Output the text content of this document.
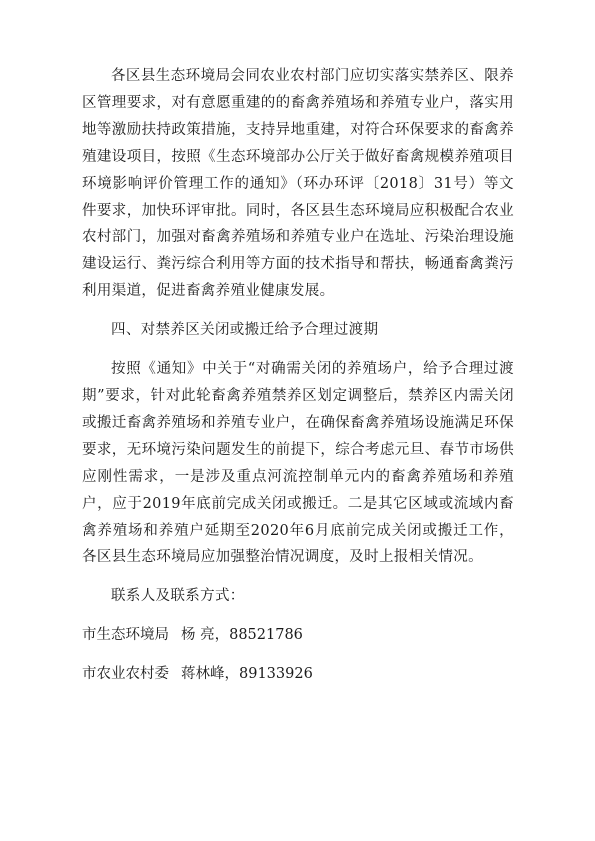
各区县生态环境局会同农业农村部门应切实落实禁养区、限养区管理要求，对有意愿重建的的畜禽养殖场和养殖专业户，落实用地等激励扶持政策措施，支持异地重建，对符合环保要求的畜禽养殖建设项目，按照《生态环境部办公厅关于做好畜禽规模养殖项目环境影响评价管理工作的通知》（环办环评〔2018〕31号）等文件要求，加快环评审批。同时，各区县生态环境局应积极配合农业农村部门，加强对畜禽养殖场和养殖专业户在选址、污染治理设施建设运行、粪污综合利用等方面的技术指导和帮扶，畅通畜禽粪污利用渠道，促进畜禽养殖业健康发展。

四、对禁养区关闭或搬迁给予合理过渡期

按照《通知》中关于“对确需关闭的养殖场户，给予合理过渡期”要求，针对此轮畜禽养殖禁养区划定调整后，禁养区内需关闭或搬迁畜禽养殖场和养殖专业户，在确保畜禽养殖场设施满足环保要求，无环境污染问题发生的前提下，综合考虑元旦、春节市场供应刚性需求，一是涉及重点河流控制单元内的畜禽养殖场和养殖户，应于2019年底前完成关闭或搬迁。二是其它区域或流域内畜禽养殖场和养殖户延期至2020年6月底前完成关闭或搬迁工作，各区县生态环境局应加强整治情况调度，及时上报相关情况。

联系人及联系方式：

市生态环境局 杨 亮，88521786

市农业农村委 蒋林峰，89133926
